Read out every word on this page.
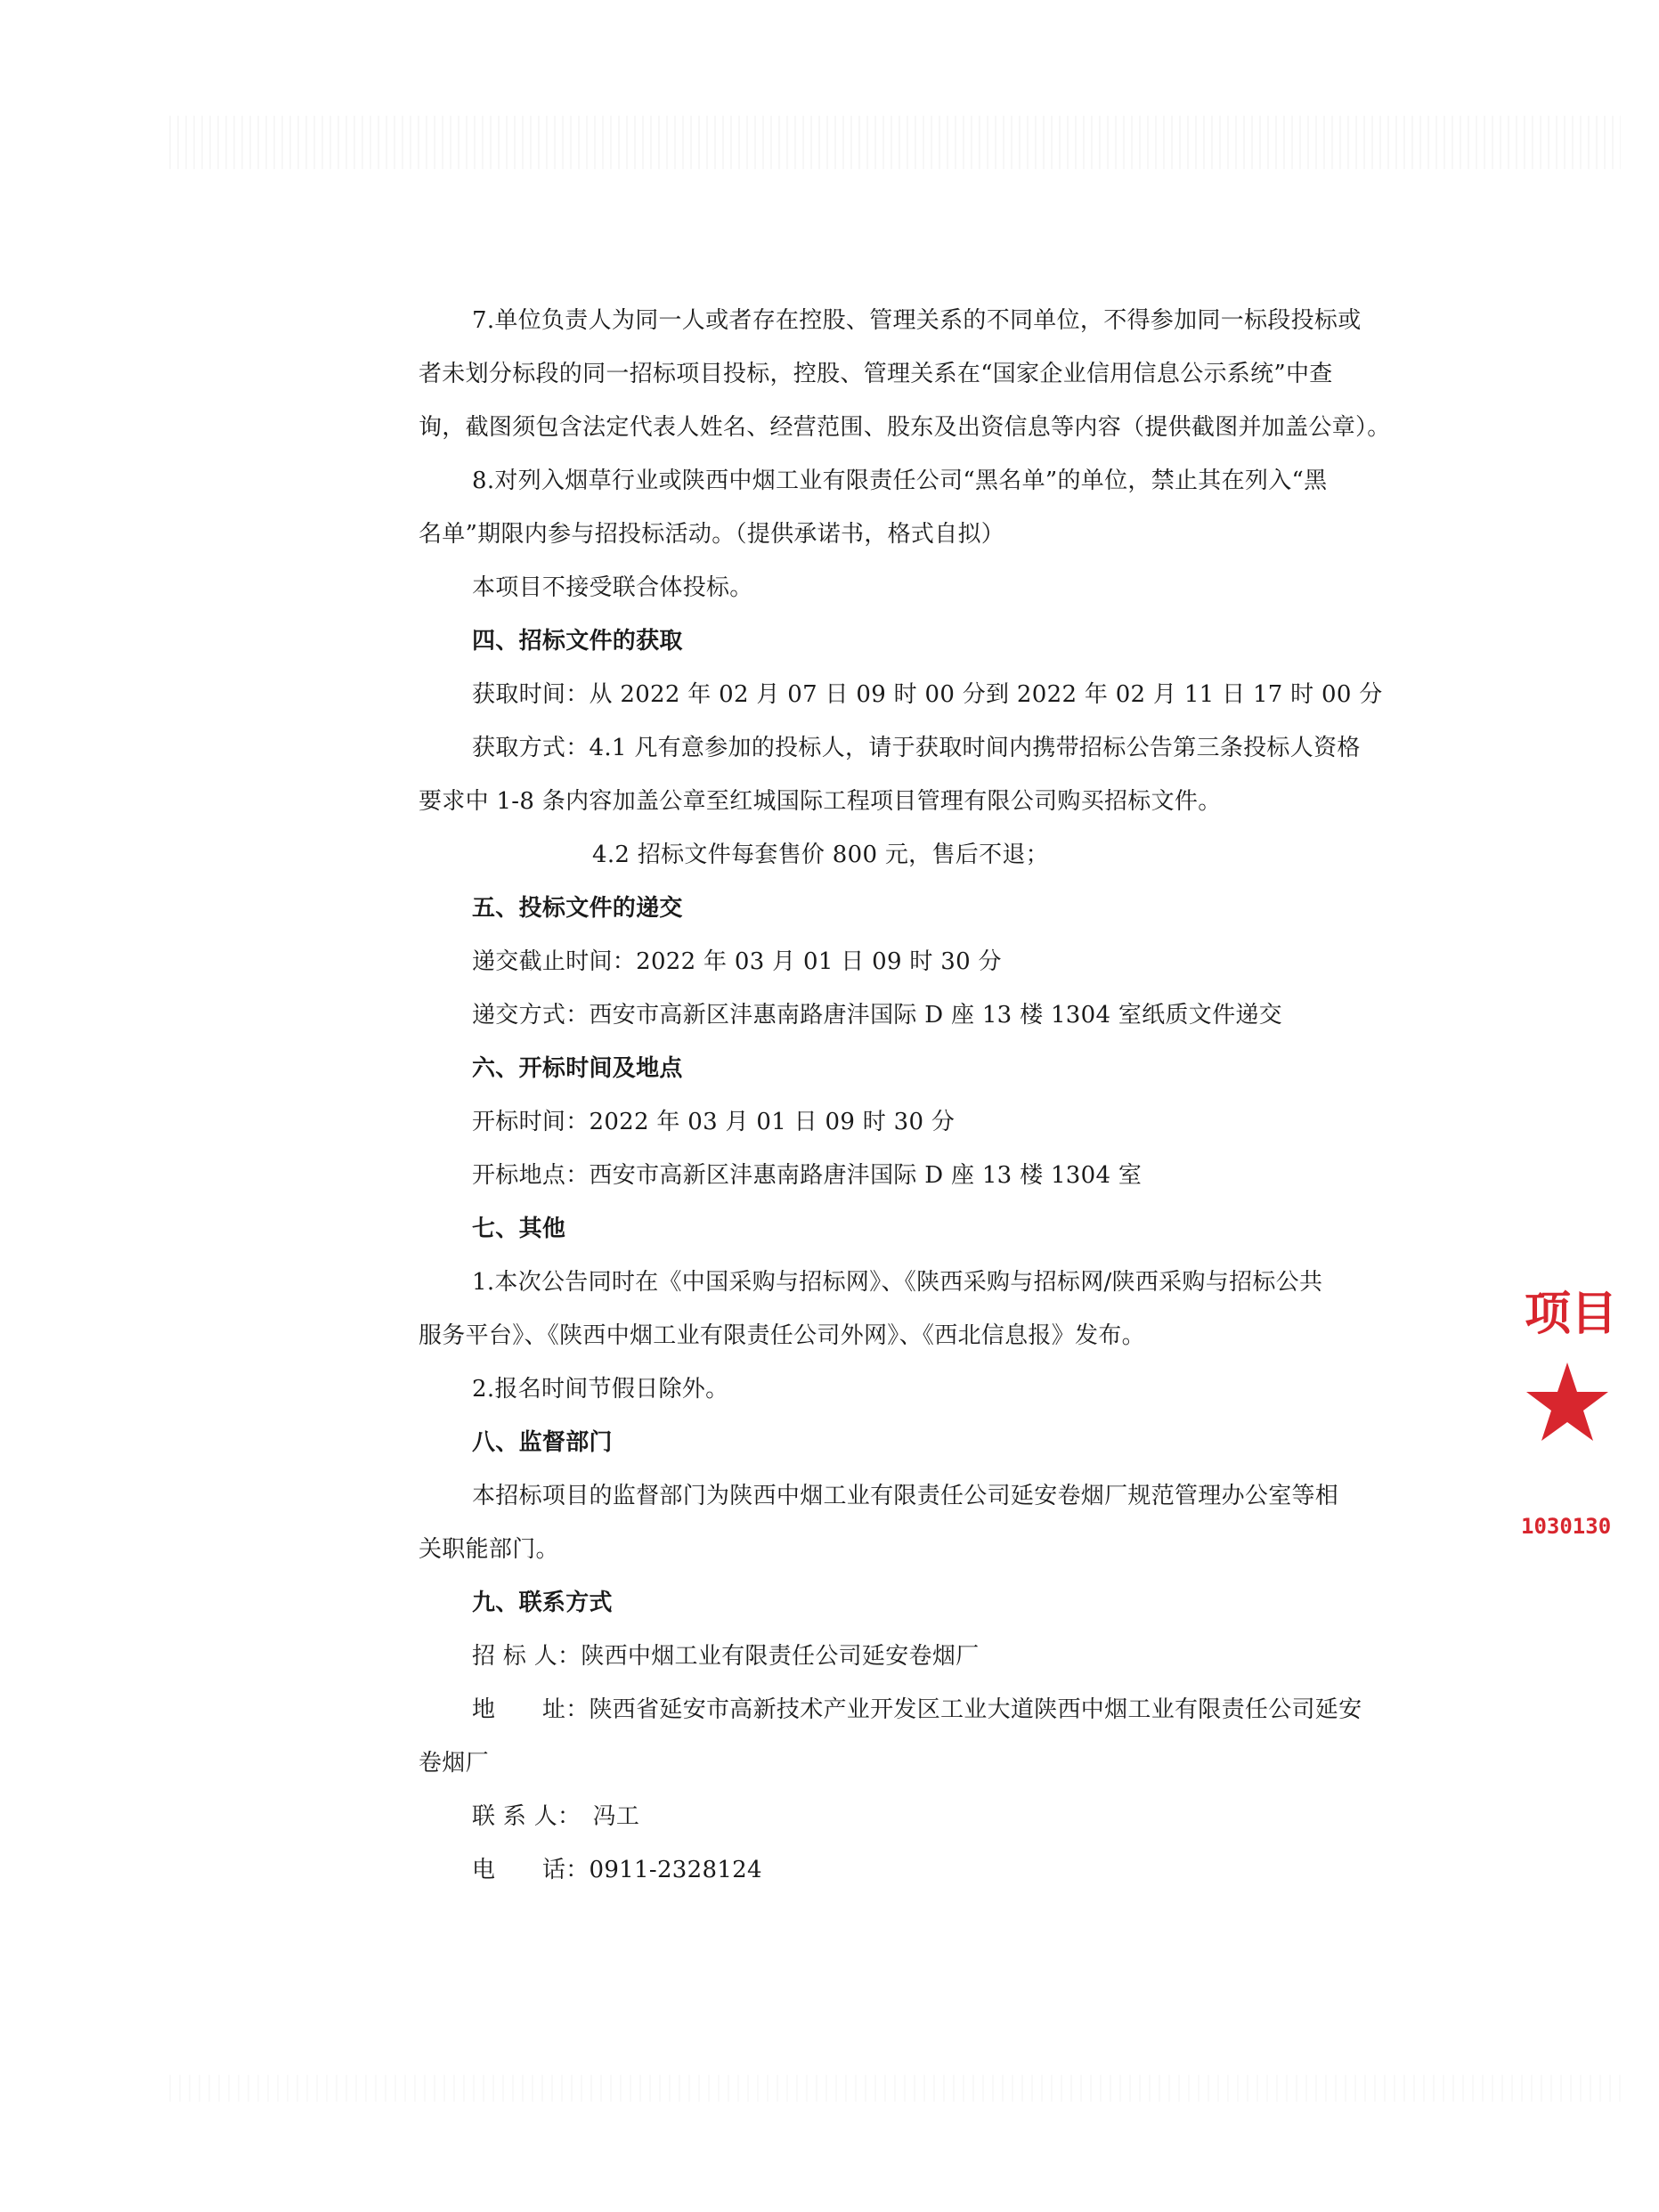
7.单位负责人为同一人或者存在控股、管理关系的不同单位，不得参加同一标段投标或
者未划分标段的同一招标项目投标，控股、管理关系在“国家企业信用信息公示系统”中查
询，截图须包含法定代表人姓名、经营范围、股东及出资信息等内容（提供截图并加盖公章）。
8.对列入烟草行业或陕西中烟工业有限责任公司“黑名单”的单位，禁止其在列入“黑
名单”期限内参与招投标活动。（提供承诺书，格式自拟）
本项目不接受联合体投标。
四、招标文件的获取
获取时间：从 2022 年 02 月 07 日 09 时 00 分到 2022 年 02 月 11 日 17 时 00 分
获取方式：4.1 凡有意参加的投标人，请于获取时间内携带招标公告第三条投标人资格
要求中 1-8 条内容加盖公章至红城国际工程项目管理有限公司购买招标文件。
4.2 招标文件每套售价 800 元，售后不退；
五、投标文件的递交
递交截止时间：2022 年 03 月 01 日 09 时 30 分
递交方式：西安市高新区沣惠南路唐沣国际 D 座 13 楼 1304 室纸质文件递交
六、开标时间及地点
开标时间：2022 年 03 月 01 日 09 时 30 分
开标地点：西安市高新区沣惠南路唐沣国际 D 座 13 楼 1304 室
七、其他
1.本次公告同时在《中国采购与招标网》、《陕西采购与招标网/陕西采购与招标公共
服务平台》、《陕西中烟工业有限责任公司外网》、《西北信息报》发布。
2.报名时间节假日除外。
八、监督部门
本招标项目的监督部门为陕西中烟工业有限责任公司延安卷烟厂规范管理办公室等相
关职能部门。
九、联系方式
招 标 人：陕西中烟工业有限责任公司延安卷烟厂
地　　址：陕西省延安市高新技术产业开发区工业大道陕西中烟工业有限责任公司延安
卷烟厂
联 系 人：　冯工
电　　话：0911-2328124
项目
1030130
